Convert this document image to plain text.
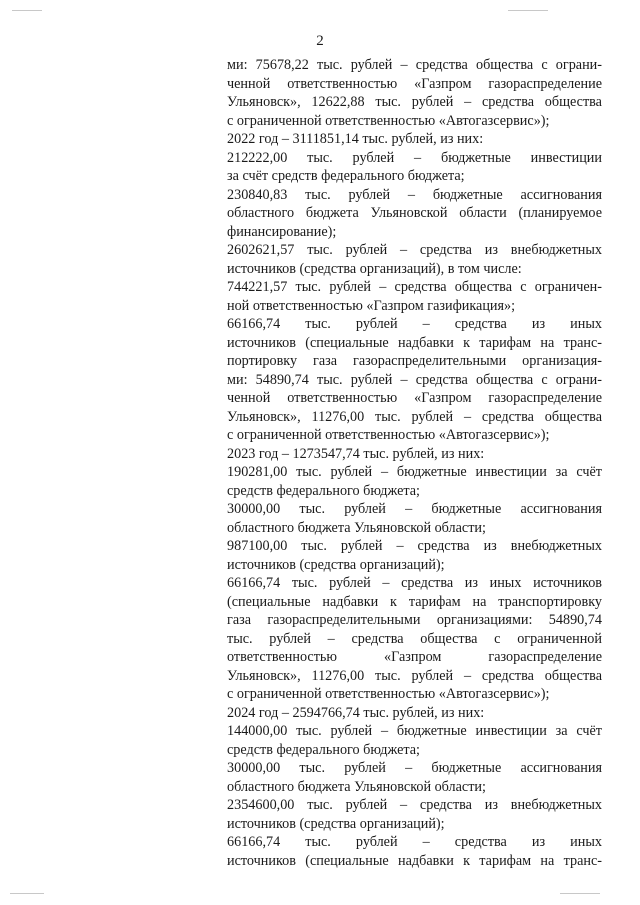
2
ми: 75678,22 тыс. рублей – средства общества с ограни-
ченной ответственностью «Газпром газораспределение
Ульяновск», 12622,88 тыс. рублей – средства общества
с ограниченной ответственностью «Автогазсервис»);
2022 год – 3111851,14 тыс. рублей, из них:
212222,00 тыс. рублей – бюджетные инвестиции
за счёт средств федерального бюджета;
230840,83 тыс. рублей – бюджетные ассигнования
областного бюджета Ульяновской области (планируемое
финансирование);
2602621,57 тыс. рублей – средства из внебюджетных
источников (средства организаций), в том числе:
744221,57 тыс. рублей – средства общества с ограничен-
ной ответственностью «Газпром газификация»;
66166,74 тыс. рублей – средства из иных
источников (специальные надбавки к тарифам на транс-
портировку газа газораспределительными организация-
ми: 54890,74 тыс. рублей – средства общества с ограни-
ченной ответственностью «Газпром газораспределение
Ульяновск», 11276,00 тыс. рублей – средства общества
с ограниченной ответственностью «Автогазсервис»);
2023 год – 1273547,74 тыс. рублей, из них:
190281,00 тыс. рублей – бюджетные инвестиции за счёт
средств федерального бюджета;
30000,00 тыс. рублей – бюджетные ассигнования
областного бюджета Ульяновской области;
987100,00 тыс. рублей – средства из внебюджетных
источников (средства организаций);
66166,74 тыс. рублей – средства из иных источников
(специальные надбавки к тарифам на транспортировку
газа газораспределительными организациями: 54890,74
тыс. рублей – средства общества с ограниченной
ответственностью «Газпром газораспределение
Ульяновск», 11276,00 тыс. рублей – средства общества
с ограниченной ответственностью «Автогазсервис»);
2024 год – 2594766,74 тыс. рублей, из них:
144000,00 тыс. рублей – бюджетные инвестиции за счёт
средств федерального бюджета;
30000,00 тыс. рублей – бюджетные ассигнования
областного бюджета Ульяновской области;
2354600,00 тыс. рублей – средства из внебюджетных
источников (средства организаций);
66166,74 тыс. рублей – средства из иных
источников (специальные надбавки к тарифам на транс-
